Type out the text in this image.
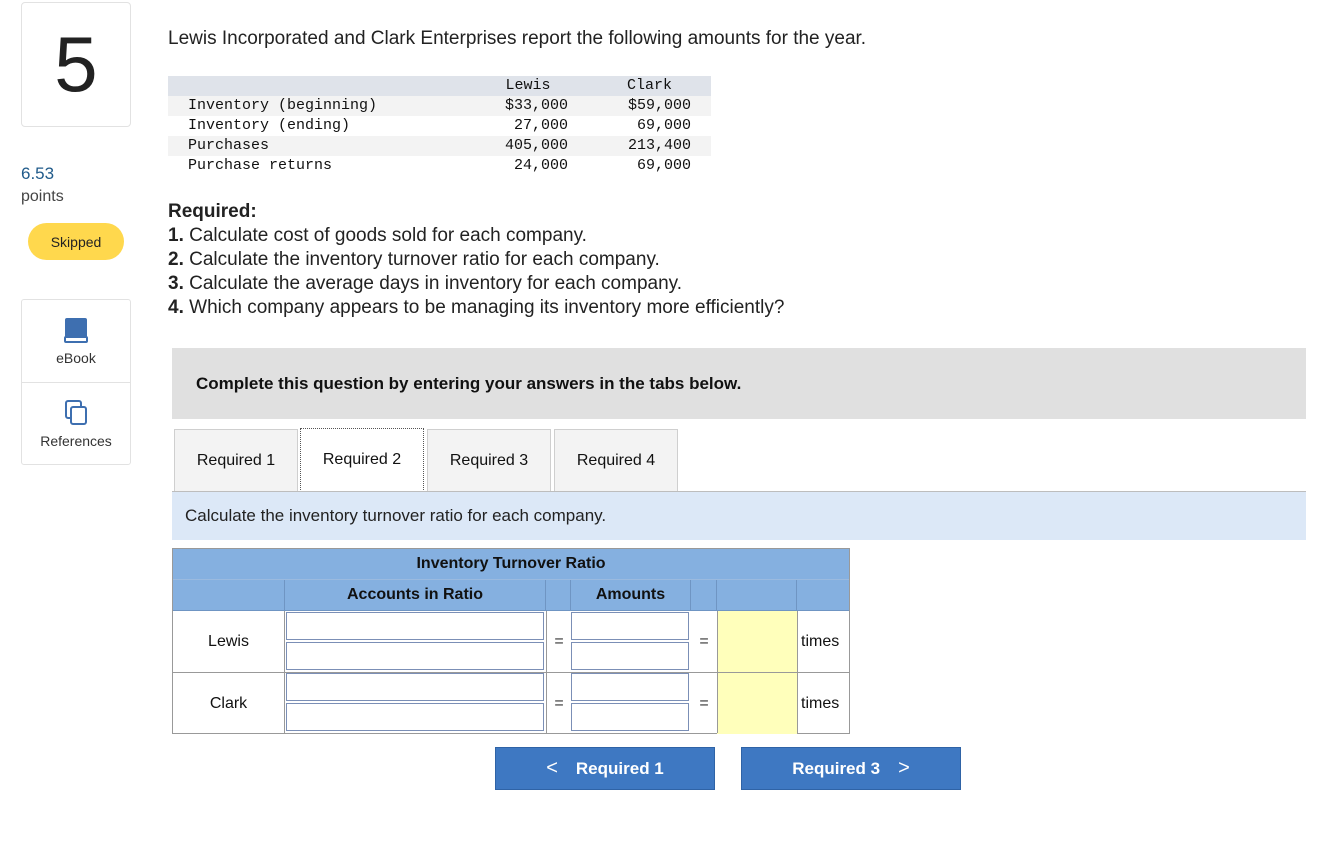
5
6.53
points
Skipped
eBook
References
Lewis Incorporated and Clark Enterprises report the following amounts for the year.
	Lewis	Clark
Inventory (beginning)	$33,000	$59,000
Inventory (ending)	27,000	69,000
Purchases	405,000	213,400
Purchase returns	24,000	69,000
Required:
1. Calculate cost of goods sold for each company.
2. Calculate the inventory turnover ratio for each company.
3. Calculate the average days in inventory for each company.
4. Which company appears to be managing its inventory more efficiently?
Complete this question by entering your answers in the tabs below.
Required 1	Required 2	Required 3	Required 4
Calculate the inventory turnover ratio for each company.
Inventory Turnover Ratio
Accounts in Ratio	Amounts
Lewis	=	=	times
Clark	=	=	times
< Required 1	Required 3 >
